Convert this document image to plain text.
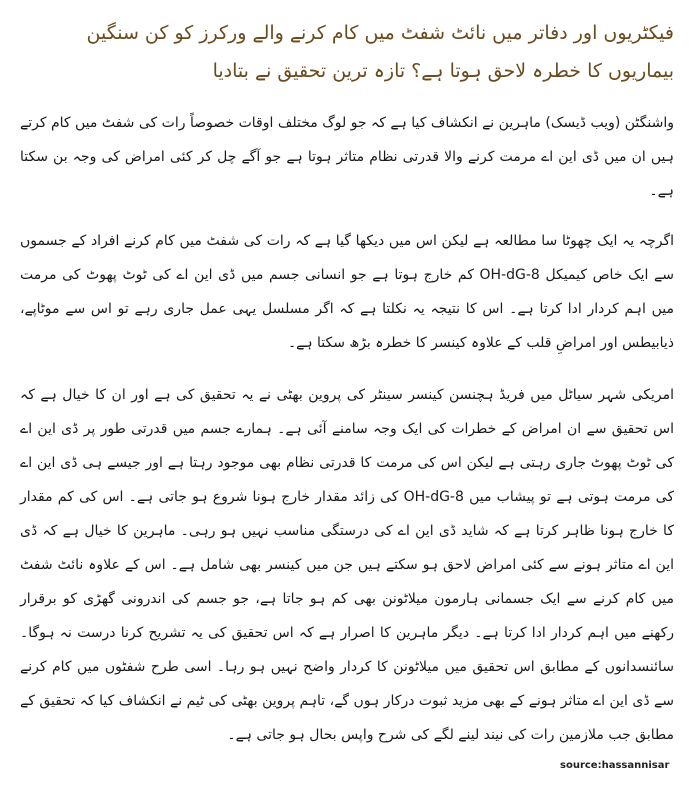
فیکٹریوں اور دفاتر میں نائٹ شفٹ میں کام کرنے والے ورکرز کو کن سنگین بیماریوں کا خطرہ لاحق ہوتا ہے؟ تازہ ترین تحقیق نے بتادیا

واشنگٹن (ویب ڈیسک) ماہرین نے انکشاف کیا ہے کہ جو لوگ مختلف اوقات خصوصاً رات کی شفٹ میں کام کرتے ہیں ان میں ڈی این اے مرمت کرنے والا قدرتی نظام متاثر ہوتا ہے جو آگے چل کر کئی امراض کی وجہ بن سکتا ہے۔

اگرچہ یہ ایک چھوٹا سا مطالعہ ہے لیکن اس میں دیکھا گیا ہے کہ رات کی شفٹ میں کام کرنے افراد کے جسموں سے ایک خاص کیمیکل OH-dG-8 کم خارج ہوتا ہے جو انسانی جسم میں ڈی این اے کی ٹوٹ پھوٹ کی مرمت میں اہم کردار ادا کرتا ہے۔ اس کا نتیجہ یہ نکلتا ہے کہ اگر مسلسل یہی عمل جاری رہے تو اس سے موٹاپے، ذیابیطس اور امراضِ قلب کے علاوہ کینسر کا خطرہ بڑھ سکتا ہے۔

امریکی شہر سیاٹل میں فریڈ ہچنسن کینسر سینٹر کی پروین بھٹی نے یہ تحقیق کی ہے اور ان کا خیال ہے کہ اس تحقیق سے ان امراض کے خطرات کی ایک وجہ سامنے آئی ہے۔ ہمارے جسم میں قدرتی طور پر ڈی این اے کی ٹوٹ پھوٹ جاری رہتی ہے لیکن اس کی مرمت کا قدرتی نظام بھی موجود رہتا ہے اور جیسے ہی ڈی این اے کی مرمت ہوتی ہے تو پیشاب میں OH-dG-8 کی زائد مقدار خارج ہونا شروع ہو جاتی ہے۔ اس کی کم مقدار کا خارج ہونا ظاہر کرتا ہے کہ شاید ڈی این اے کی درستگی مناسب نہیں ہو رہی۔ ماہرین کا خیال ہے کہ ڈی این اے متاثر ہونے سے کئی امراض لاحق ہو سکتے ہیں جن میں کینسر بھی شامل ہے۔ اس کے علاوہ نائٹ شفٹ میں کام کرنے سے ایک جسمانی ہارمون میلاٹونن بھی کم ہو جاتا ہے، جو جسم کی اندرونی گھڑی کو برقرار رکھنے میں اہم کردار ادا کرتا ہے۔ دیگر ماہرین کا اصرار ہے کہ اس تحقیق کی یہ تشریح کرنا درست نہ ہوگا۔ سائنسدانوں کے مطابق اس تحقیق میں میلاٹونن کا کردار واضح نہیں ہو رہا۔ اسی طرح شفٹوں میں کام کرنے سے ڈی این اے متاثر ہونے کے بھی مزید ثبوت درکار ہوں گے، تاہم پروین بھٹی کی ٹیم نے انکشاف کیا کہ تحقیق کے مطابق جب ملازمین رات کی نیند لینے لگے کی شرح واپس بحال ہو جاتی ہے۔

source:hassannisar
